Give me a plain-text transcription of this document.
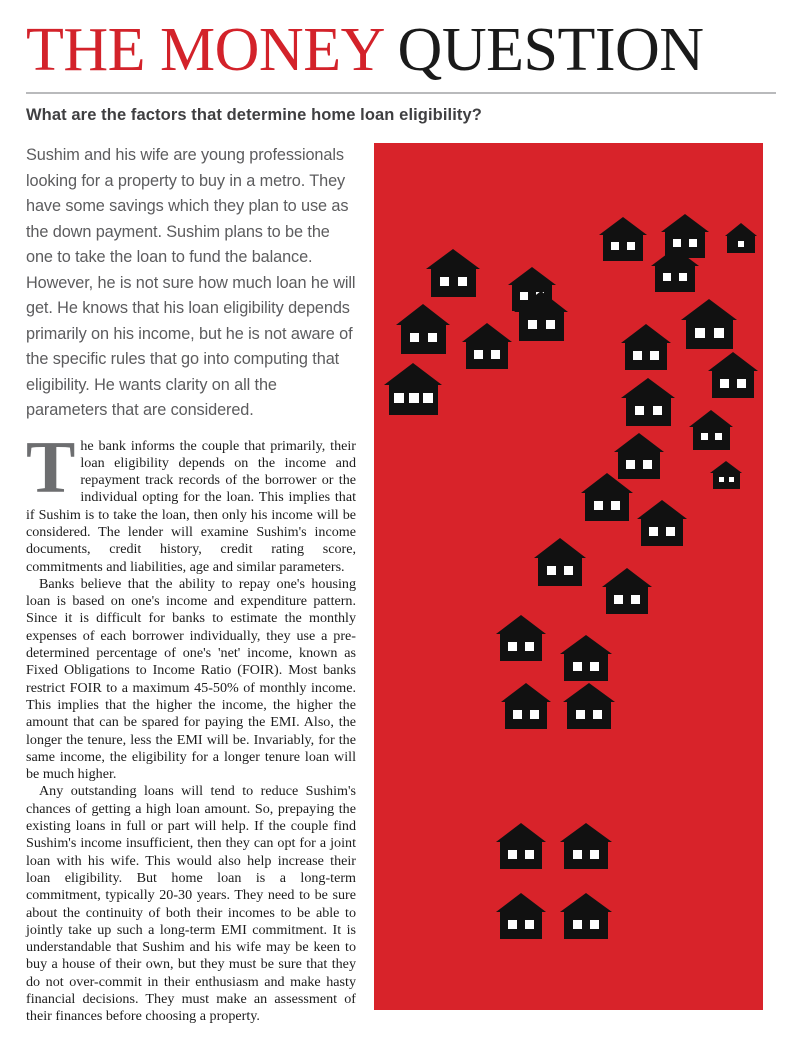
THE MONEY QUESTION
What are the factors that determine home loan eligibility?

Sushim and his wife are young professionals looking for a property to buy in a metro. They have some savings which they plan to use as the down payment. Sushim plans to be the one to take the loan to fund the balance. However, he is not sure how much loan he will get. He knows that his loan eligibility depends primarily on his income, but he is not aware of the specific rules that go into computing that eligibility. He wants clarity on all the parameters that are considered.

T he bank informs the couple that primarily, their loan eligibility depends on the income and repayment track records of the borrower or the individual opting for the loan. This implies that if Sushim is to take the loan, then only his income will be considered. The lender will examine Sushim's income documents, credit history, credit rating score, commitments and liabilities, age and similar parameters.

Banks believe that the ability to repay one's housing loan is based on one's income and expenditure pattern. Since it is difficult for banks to estimate the monthly expenses of each borrower individually, they use a pre-determined percentage of one's 'net' income, known as Fixed Obligations to Income Ratio (FOIR). Most banks restrict FOIR to a maximum 45-50% of monthly income. This implies that the higher the income, the higher the amount that can be spared for paying the EMI. Also, the longer the tenure, less the EMI will be. Invariably, for the same income, the eligibility for a longer tenure loan will be much higher.

Any outstanding loans will tend to reduce Sushim's chances of getting a high loan amount. So, prepaying the existing loans in full or part will help. If the couple find Sushim's income insufficient, then they can opt for a joint loan with his wife. This would also help increase their loan eligibility. But home loan is a long-term commitment, typically 20-30 years. They need to be sure about the continuity of both their incomes to be able to jointly take up such a long-term EMI commitment. It is understandable that Sushim and his wife may be keen to buy a house of their own, but they must be sure that they do not over-commit in their enthusiasm and make hasty financial decisions. They must make an assessment of their finances before choosing a property.
